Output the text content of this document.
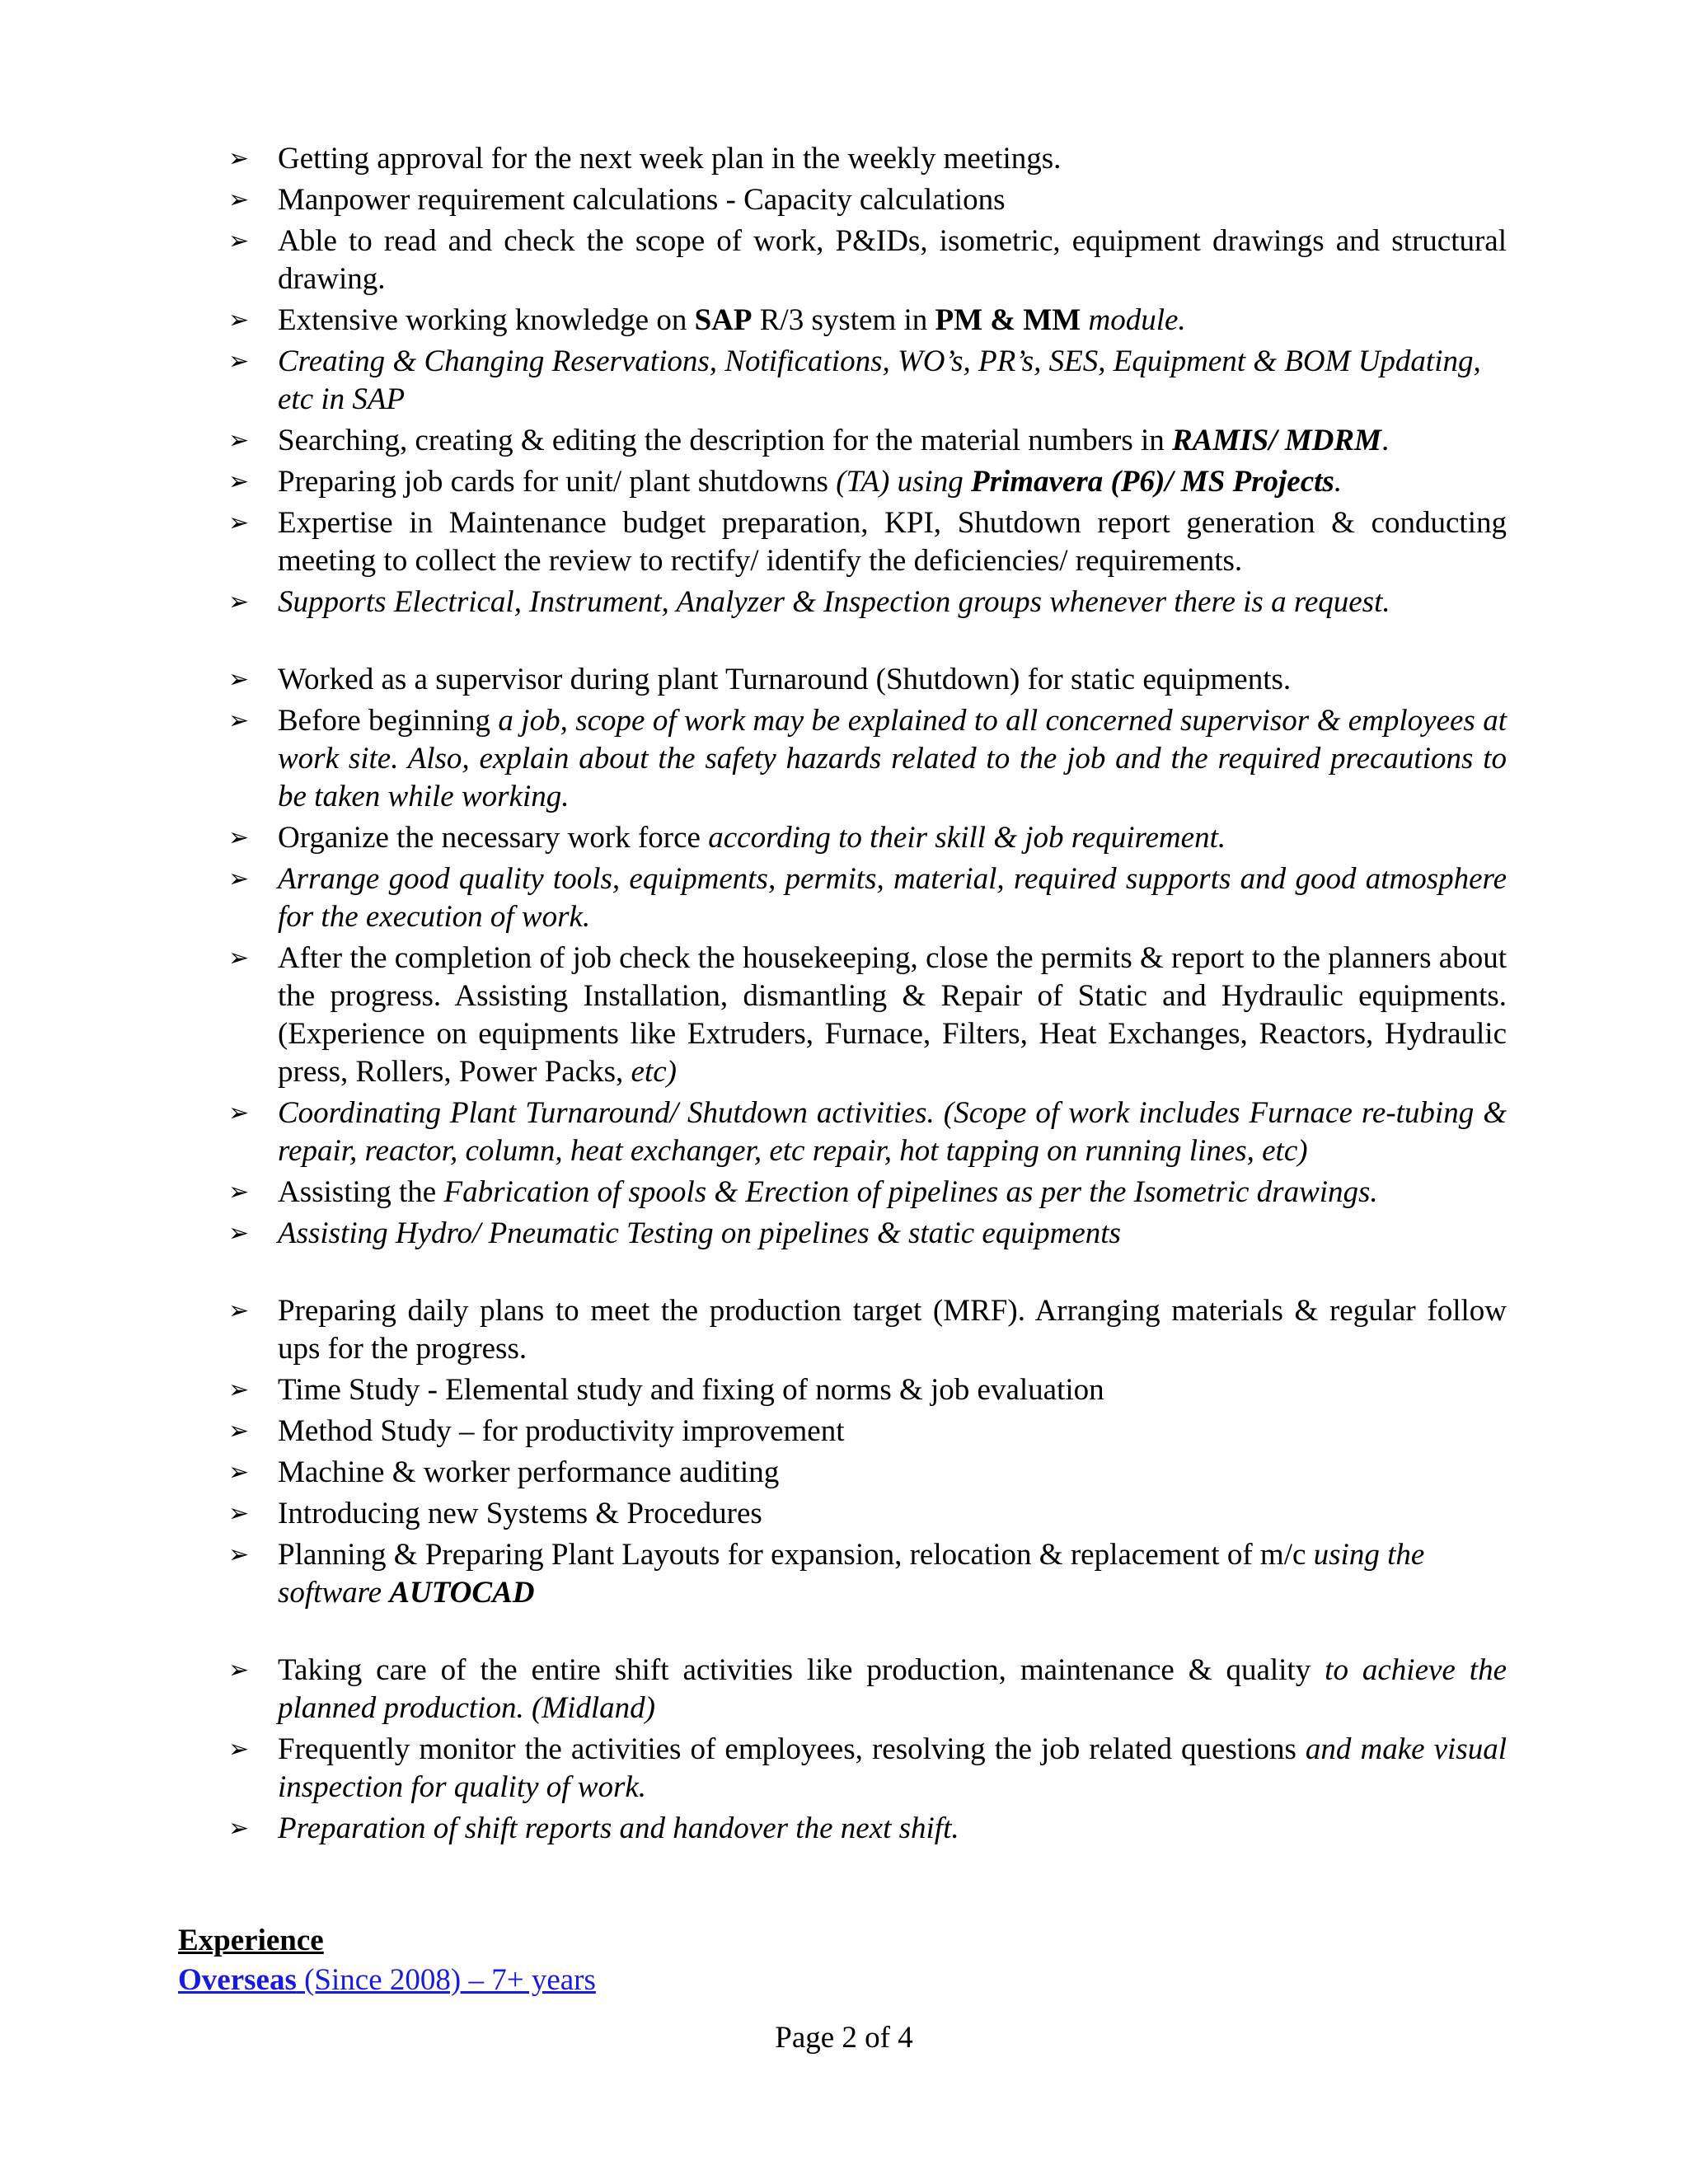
➢ Getting approval for the next week plan in the weekly meetings.
➢ Manpower requirement calculations - Capacity calculations
➢ Able to read and check the scope of work, P&IDs, isometric, equipment drawings and structural drawing.
➢ Extensive working knowledge on SAP R/3 system in PM & MM module.
➢ Creating & Changing Reservations, Notifications, WO’s, PR’s, SES, Equipment & BOM Updating, etc in SAP
➢ Searching, creating & editing the description for the material numbers in RAMIS/ MDRM.
➢ Preparing job cards for unit/ plant shutdowns (TA) using Primavera (P6)/ MS Projects.
➢ Expertise in Maintenance budget preparation, KPI, Shutdown report generation & conducting meeting to collect the review to rectify/ identify the deficiencies/ requirements.
➢ Supports Electrical, Instrument, Analyzer & Inspection groups whenever there is a request.
➢ Worked as a supervisor during plant Turnaround (Shutdown) for static equipments.
➢ Before beginning a job, scope of work may be explained to all concerned supervisor & employees at work site. Also, explain about the safety hazards related to the job and the required precautions to be taken while working.
➢ Organize the necessary work force according to their skill & job requirement.
➢ Arrange good quality tools, equipments, permits, material, required supports and good atmosphere for the execution of work.
➢ After the completion of job check the housekeeping, close the permits & report to the planners about the progress. Assisting Installation, dismantling & Repair of Static and Hydraulic equipments. (Experience on equipments like Extruders, Furnace, Filters, Heat Exchanges, Reactors, Hydraulic press, Rollers, Power Packs, etc)
➢ Coordinating Plant Turnaround/ Shutdown activities. (Scope of work includes Furnace re-tubing & repair, reactor, column, heat exchanger, etc repair, hot tapping on running lines, etc)
➢ Assisting the Fabrication of spools & Erection of pipelines as per the Isometric drawings.
➢ Assisting Hydro/ Pneumatic Testing on pipelines & static equipments
➢ Preparing daily plans to meet the production target (MRF). Arranging materials & regular follow ups for the progress.
➢ Time Study - Elemental study and fixing of norms & job evaluation
➢ Method Study – for productivity improvement
➢ Machine & worker performance auditing
➢ Introducing new Systems & Procedures
➢ Planning & Preparing Plant Layouts for expansion, relocation & replacement of m/c using the software AUTOCAD
➢ Taking care of the entire shift activities like production, maintenance & quality to achieve the planned production. (Midland)
➢ Frequently monitor the activities of employees, resolving the job related questions and make visual inspection for quality of work.
➢ Preparation of shift reports and handover the next shift.
Experience
Overseas (Since 2008) – 7+ years
Page 2 of 4
